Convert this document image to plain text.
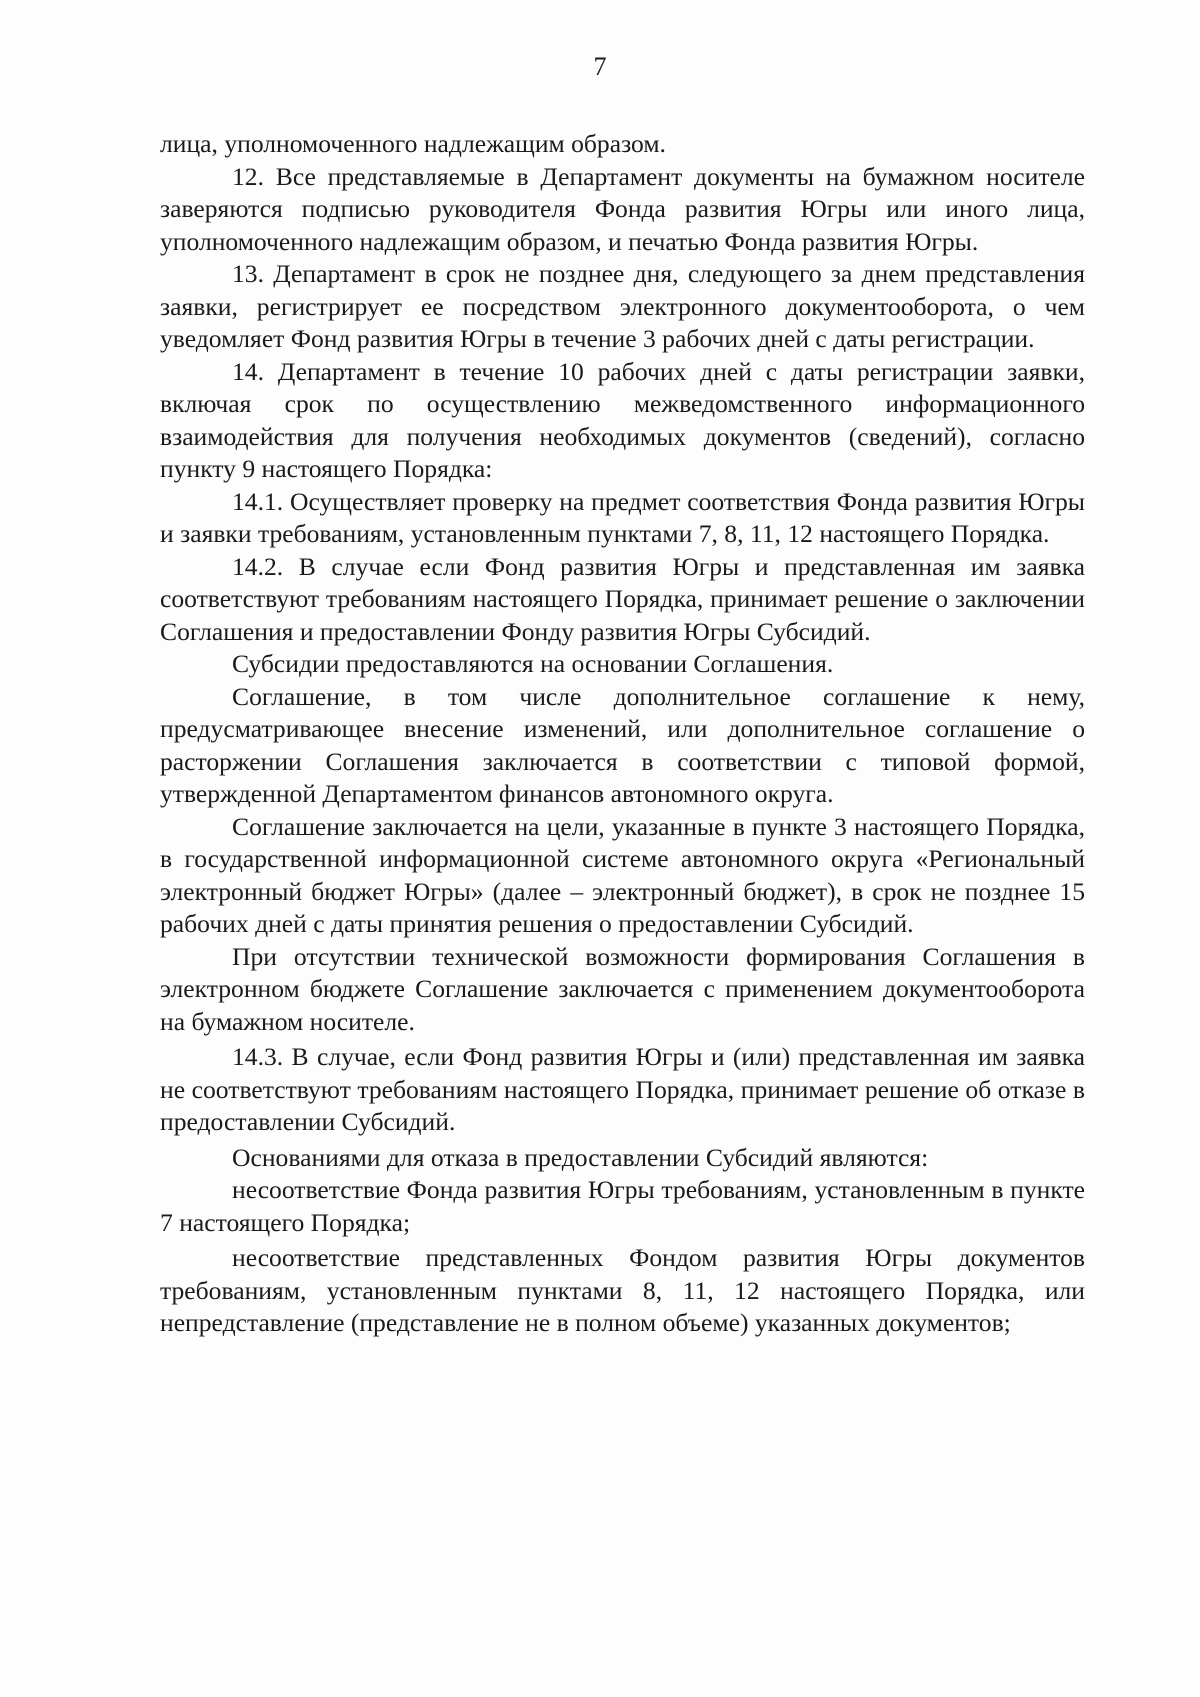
7

лица, уполномоченного надлежащим образом.

12. Все представляемые в Департамент документы на бумажном носителе заверяются подписью руководителя Фонда развития Югры или иного лица, уполномоченного надлежащим образом, и печатью Фонда развития Югры.

13. Департамент в срок не позднее дня, следующего за днем представления заявки, регистрирует ее посредством электронного документооборота, о чем уведомляет Фонд развития Югры в течение 3 рабочих дней с даты регистрации.

14. Департамент в течение 10 рабочих дней с даты регистрации заявки, включая срок по осуществлению межведомственного информационного взаимодействия для получения необходимых документов (сведений), согласно пункту 9 настоящего Порядка:

14.1. Осуществляет проверку на предмет соответствия Фонда развития Югры и заявки требованиям, установленным пунктами 7, 8, 11, 12 настоящего Порядка.

14.2. В случае если Фонд развития Югры и представленная им заявка соответствуют требованиям настоящего Порядка, принимает решение о заключении Соглашения и предоставлении Фонду развития Югры Субсидий.

Субсидии предоставляются на основании Соглашения.

Соглашение, в том числе дополнительное соглашение к нему, предусматривающее внесение изменений, или дополнительное соглашение о расторжении Соглашения заключается в соответствии с типовой формой, утвержденной Департаментом финансов автономного округа.

Соглашение заключается на цели, указанные в пункте 3 настоящего Порядка, в государственной информационной системе автономного округа «Региональный электронный бюджет Югры» (далее – электронный бюджет), в срок не позднее 15 рабочих дней с даты принятия решения о предоставлении Субсидий.

При отсутствии технической возможности формирования Соглашения в электронном бюджете Соглашение заключается с применением документооборота на бумажном носителе.

14.3. В случае, если Фонд развития Югры и (или) представленная им заявка не соответствуют требованиям настоящего Порядка, принимает решение об отказе в предоставлении Субсидий.

Основаниями для отказа в предоставлении Субсидий являются:

несоответствие Фонда развития Югры требованиям, установленным в пункте 7 настоящего Порядка;

несоответствие представленных Фондом развития Югры документов требованиям, установленным пунктами 8, 11, 12 настоящего Порядка, или непредставление (представление не в полном объеме) указанных документов;
